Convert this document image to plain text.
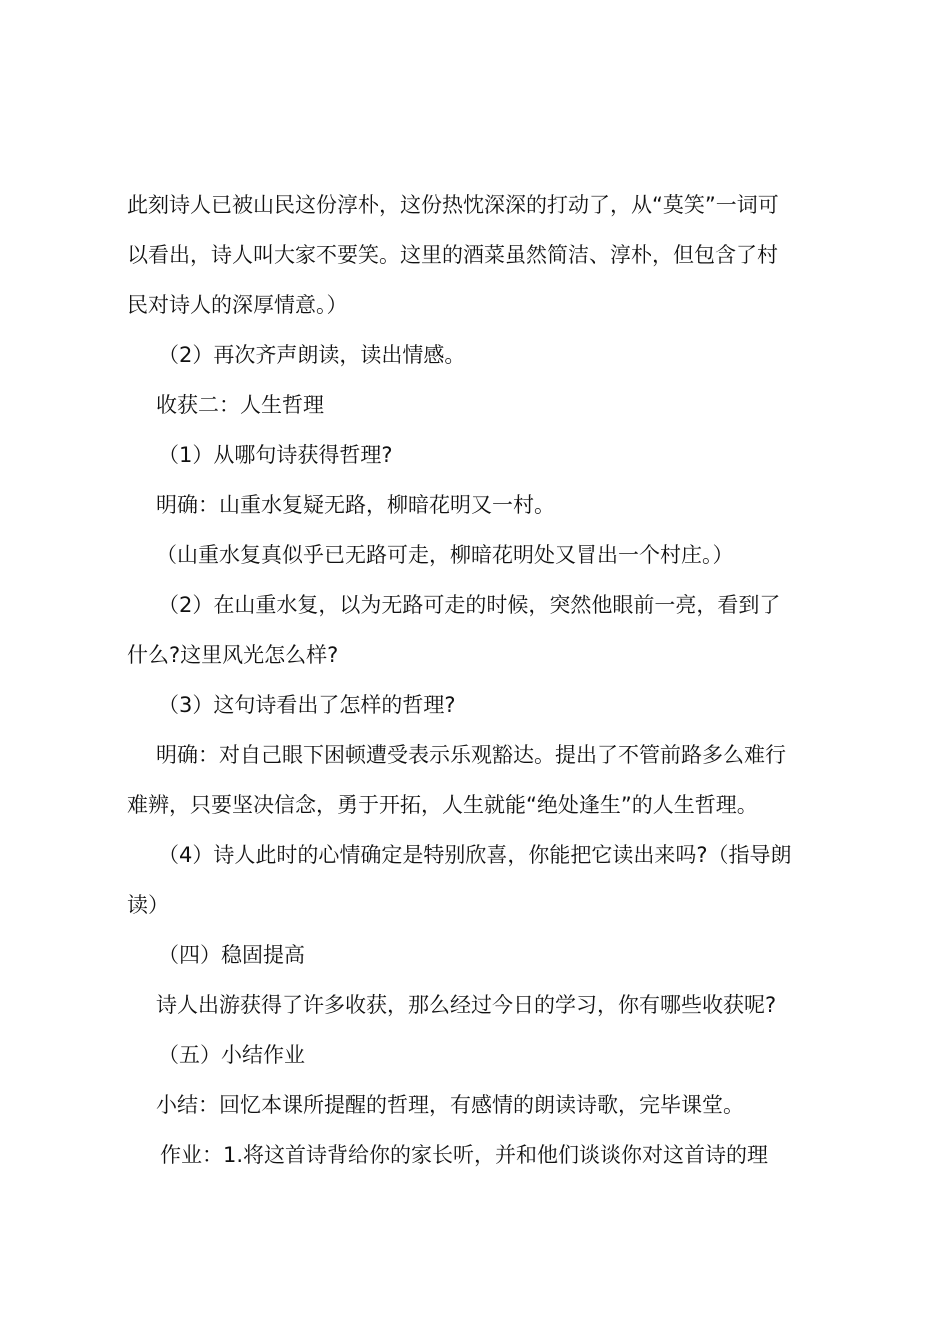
此刻诗人已被山民这份淳朴，这份热忱深深的打动了，从“莫笑”一词可
以看出，诗人叫大家不要笑。这里的酒菜虽然简洁、淳朴，但包含了村
民对诗人的深厚情意。）
（2）再次齐声朗读，读出情感。
收获二：人生哲理
（1）从哪句诗获得哲理?
明确：山重水复疑无路，柳暗花明又一村。
（山重水复真似乎已无路可走，柳暗花明处又冒出一个村庄。）
（2）在山重水复，以为无路可走的时候，突然他眼前一亮，看到了
什么?这里风光怎么样?
（3）这句诗看出了怎样的哲理?
明确：对自己眼下困顿遭受表示乐观豁达。提出了不管前路多么难行
难辨，只要坚决信念，勇于开拓，人生就能“绝处逢生”的人生哲理。
（4）诗人此时的心情确定是特别欣喜，你能把它读出来吗?（指导朗
读）
（四）稳固提高
诗人出游获得了许多收获，那么经过今日的学习，你有哪些收获呢?
（五）小结作业
小结：回忆本课所提醒的哲理，有感情的朗读诗歌，完毕课堂。
作业：1.将这首诗背给你的家长听，并和他们谈谈你对这首诗的理
